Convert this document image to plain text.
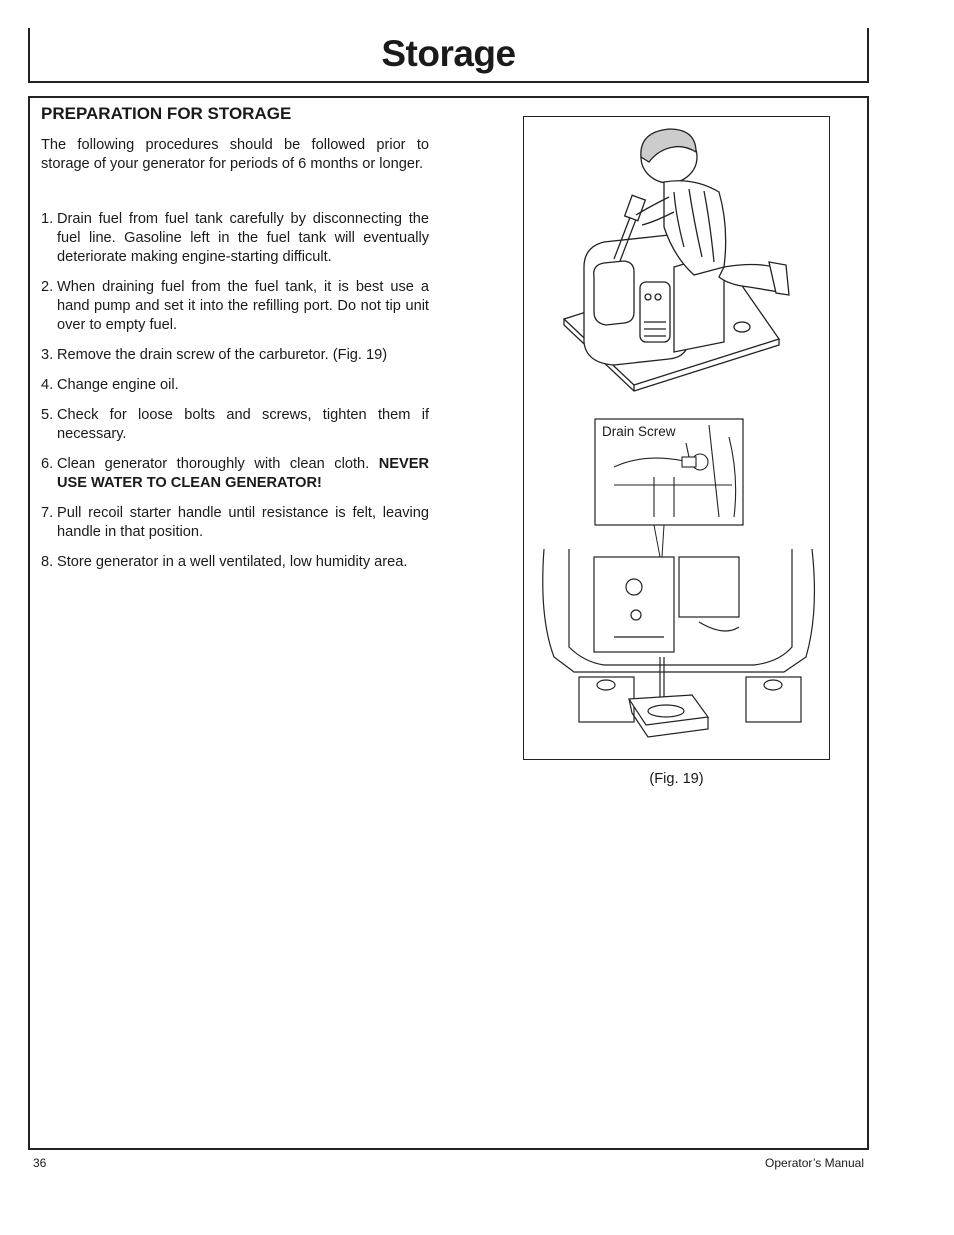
Storage
PREPARATION FOR STORAGE

The following procedures should be followed prior to storage of your generator for periods of 6 months or longer.

1. Drain fuel from fuel tank carefully by disconnecting the fuel line. Gasoline left in the fuel tank will eventually deteriorate making engine-starting difficult.
2. When draining fuel from the fuel tank, it is best use a hand pump and set it into the refilling port. Do not tip unit over to empty fuel.
3. Remove the drain screw of the carburetor. (Fig. 19)
4. Change engine oil.
5. Check for loose bolts and screws, tighten them if necessary.
6. Clean generator thoroughly with clean cloth. NEVER USE WATER TO CLEAN GENERATOR!
7. Pull recoil starter handle until resistance is felt, leaving handle in that position.
8. Store generator in a well ventilated, low humidity area.
Drain Screw
(Fig. 19)
36	Operator’s Manual
